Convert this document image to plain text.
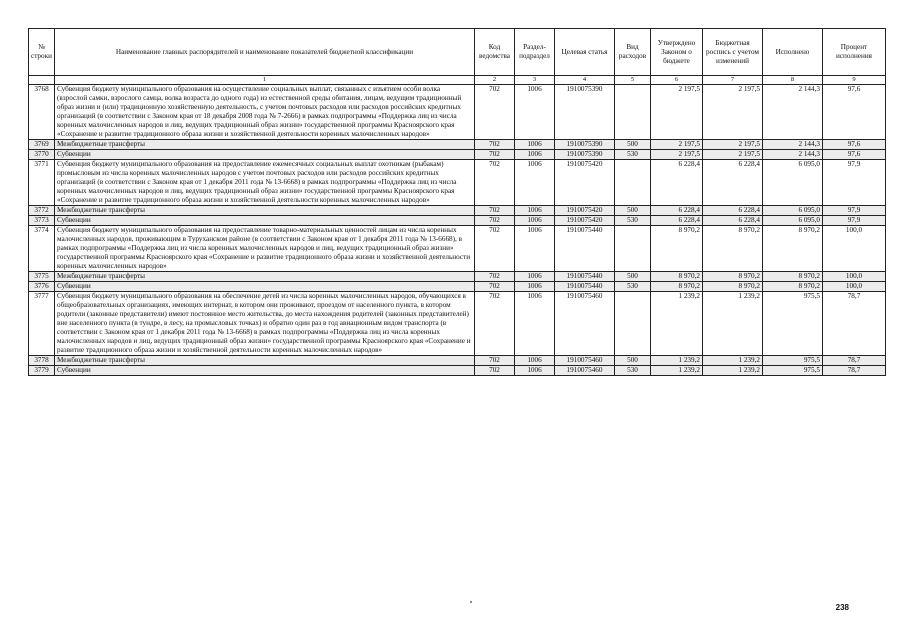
№ строки	Наименование главных распорядителей и наименование показателей бюджетной классификации	Код ведомства	Раздел-подраздел	Целевая статья	Вид расходов	Утверждено Законом о бюджете	Бюджетная роспись с учетом изменений	Исполнено	Процент исполнения
	1	2	3	4	5	6	7	8	9
3768	Субвенция бюджету муниципального образования на осуществление социальных выплат, связанных с изъятием особи волка (взрослой самки, взрослого самца, волка возраста до одного года) из естественной среды обитания, лицам, ведущим традиционный образ жизни и (или) традиционную хозяйственную деятельность, с учетом почтовых расходов или расходов российских кредитных организаций (в соответствии с Законом края от 18 декабря 2008 года № 7-2666) в рамках подпрограммы «Поддержка лиц из числа коренных малочисленных народов и лиц, ведущих традиционный образ жизни» государственной программы Красноярского края «Сохранение и развитие традиционного образа жизни и хозяйственной деятельности коренных малочисленных народов»	702	1006	1910075390		2 197,5	2 197,5	2 144,3	97,6
3769	Межбюджетные трансферты	702	1006	1910075390	500	2 197,5	2 197,5	2 144,3	97,6
3770	Субвенции	702	1006	1910075390	530	2 197,5	2 197,5	2 144,3	97,6
3771	Субвенция бюджету муниципального образования на предоставление ежемесячных социальных выплат охотникам (рыбакам) промысловым из числа коренных малочисленных народов с учетом почтовых расходов или расходов российских кредитных организаций (в соответствии с Законом края от 1 декабря 2011 года № 13-6668) в рамках подпрограммы «Поддержка лиц из числа коренных малочисленных народов и лиц, ведущих традиционный образ жизни» государственной программы Красноярского края «Сохранение и развитие традиционного образа жизни и хозяйственной деятельности коренных малочисленных народов»	702	1006	1910075420		6 228,4	6 228,4	6 095,0	97,9
3772	Межбюджетные трансферты	702	1006	1910075420	500	6 228,4	6 228,4	6 095,0	97,9
3773	Субвенции	702	1006	1910075420	530	6 228,4	6 228,4	6 095,0	97,9
3774	Субвенция бюджету муниципального образования на предоставление товарно-материальных ценностей лицам из числа коренных малочисленных народов, проживающим в Туруханском районе (в соответствии с Законом края от 1 декабря 2011 года № 13-6668), в рамках подпрограммы «Поддержка лиц из числа коренных малочисленных народов и лиц, ведущих традиционный образ жизни» государственной программы Красноярского края «Сохранение и развитие традиционного образа жизни и хозяйственной деятельности коренных малочисленных народов»	702	1006	1910075440		8 970,2	8 970,2	8 970,2	100,0
3775	Межбюджетные трансферты	702	1006	1910075440	500	8 970,2	8 970,2	8 970,2	100,0
3776	Субвенции	702	1006	1910075440	530	8 970,2	8 970,2	8 970,2	100,0
3777	Субвенция бюджету муниципального образования на обеспечение детей из числа коренных малочисленных народов, обучающихся в общеобразовательных организациях, имеющих интернат, в котором они проживают, проездом от населенного пункта, в котором родители (законные представители) имеют постоянное место жительства, до места нахождения родителей (законных представителей) вне населенного пункта (в тундре, в лесу, на промысловых точках) и обратно один раз в год авиационным видом транспорта (в соответствии с Законом края от 1 декабря 2011 года № 13-6668) в рамках подпрограммы «Поддержка лиц из числа коренных малочисленных народов и лиц, ведущих традиционный образ жизни» государственной программы Красноярского края «Сохранение и развитие традиционного образа жизни и хозяйственной деятельности коренных малочисленных народов»	702	1006	1910075460		1 239,2	1 239,2	975,5	78,7
3778	Межбюджетные трансферты	702	1006	1910075460	500	1 239,2	1 239,2	975,5	78,7
3779	Субвенции	702	1006	1910075460	530	1 239,2	1 239,2	975,5	78,7
238
